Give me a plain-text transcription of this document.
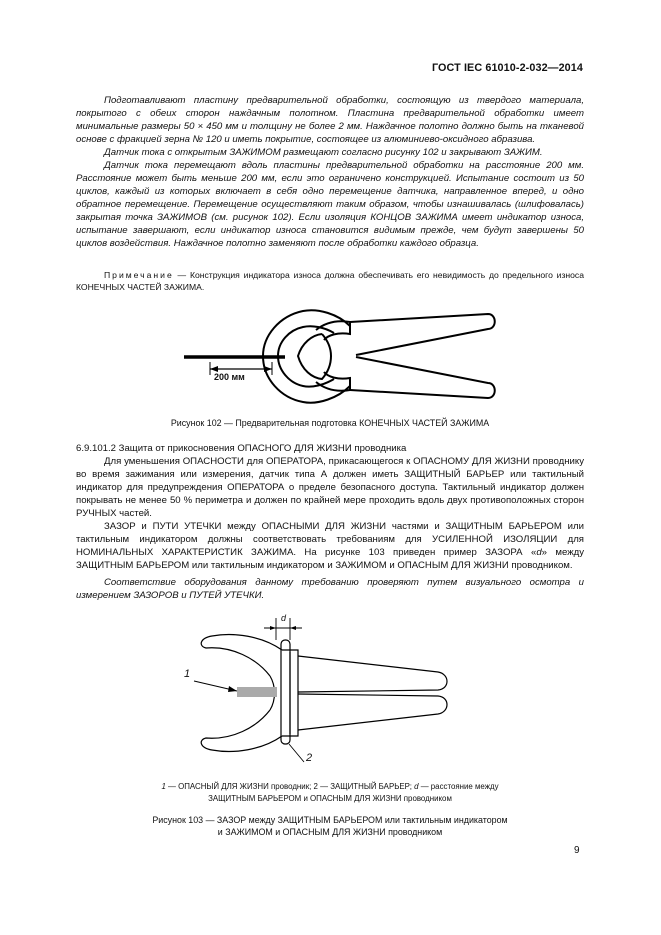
ГОСТ IEC 61010-2-032—2014
Подготавливают пластину предварительной обработки, состоящую из твердого материала, покрытого с обеих сторон наждачным полотном. Пластина предварительной обработки имеет минимальные размеры 50 × 450 мм и толщину не более 2 мм. Наждачное полотно должно быть на тканевой основе с фракцией зерна № 120 и иметь покрытие, состоящее из алюминиево-оксидного абразива.
Датчик тока с открытым ЗАЖИМОМ размещают согласно рисунку 102 и закрывают ЗАЖИМ.
Датчик тока перемещают вдоль пластины предварительной обработки на расстояние 200 мм. Расстояние может быть меньше 200 мм, если это ограничено конструкцией. Испытание состоит из 50 циклов, каждый из которых включает в себя одно перемещение датчика, направленное вперед, и одно обратное перемещение. Перемещение осуществляют таким образом, чтобы изнашивалась (шлифовалась) закрытая точка ЗАЖИМОВ (см. рисунок 102). Если изоляция КОНЦОВ ЗАЖИМА имеет индикатор износа, испытание завершают, если индикатор износа становится видимым прежде, чем будут завершены 50 циклов воздействия. Наждачное полотно заменяют после обработки каждого образца.
Примечание — Конструкция индикатора износа должна обеспечивать его невидимость до предельного износа КОНЕЧНЫХ ЧАСТЕЙ ЗАЖИМА.
200 мм
Рисунок 102 — Предварительная подготовка КОНЕЧНЫХ ЧАСТЕЙ ЗАЖИМА
6.9.101.2 Защита от прикосновения ОПАСНОГО ДЛЯ ЖИЗНИ проводника
Для уменьшения ОПАСНОСТИ для ОПЕРАТОРА, прикасающегося к ОПАСНОМУ ДЛЯ ЖИЗНИ проводнику во время зажимания или измерения, датчик типа А должен иметь ЗАЩИТНЫЙ БАРЬЕР или тактильный индикатор для предупреждения ОПЕРАТОРА о пределе безопасного доступа. Тактильный индикатор должен покрывать не менее 50 % периметра и должен по крайней мере проходить вдоль двух противоположных сторон РУЧНЫХ частей.
ЗАЗОР и ПУТИ УТЕЧКИ между ОПАСНЫМИ ДЛЯ ЖИЗНИ частями и ЗАЩИТНЫМ БАРЬЕРОМ или тактильным индикатором должны соответствовать требованиям для УСИЛЕННОЙ ИЗОЛЯЦИИ для НОМИНАЛЬНЫХ ХАРАКТЕРИСТИК ЗАЖИМА. На рисунке 103 приведен пример ЗАЗОРА «d» между ЗАЩИТНЫМ БАРЬЕРОМ или тактильным индикатором и ЗАЖИМОМ и ОПАСНЫМ ДЛЯ ЖИЗНИ проводником.
Соответствие оборудования данному требованию проверяют путем визуального осмотра и измерением ЗАЗОРОВ и ПУТЕЙ УТЕЧКИ.
d
1
2
1 — ОПАСНЫЙ ДЛЯ ЖИЗНИ проводник; 2 — ЗАЩИТНЫЙ БАРЬЕР; d — расстояние между
ЗАЩИТНЫМ БАРЬЕРОМ и ОПАСНЫМ ДЛЯ ЖИЗНИ проводником
Рисунок 103 — ЗАЗОР между ЗАЩИТНЫМ БАРЬЕРОМ или тактильным индикатором
и ЗАЖИМОМ и ОПАСНЫМ ДЛЯ ЖИЗНИ проводником
9
